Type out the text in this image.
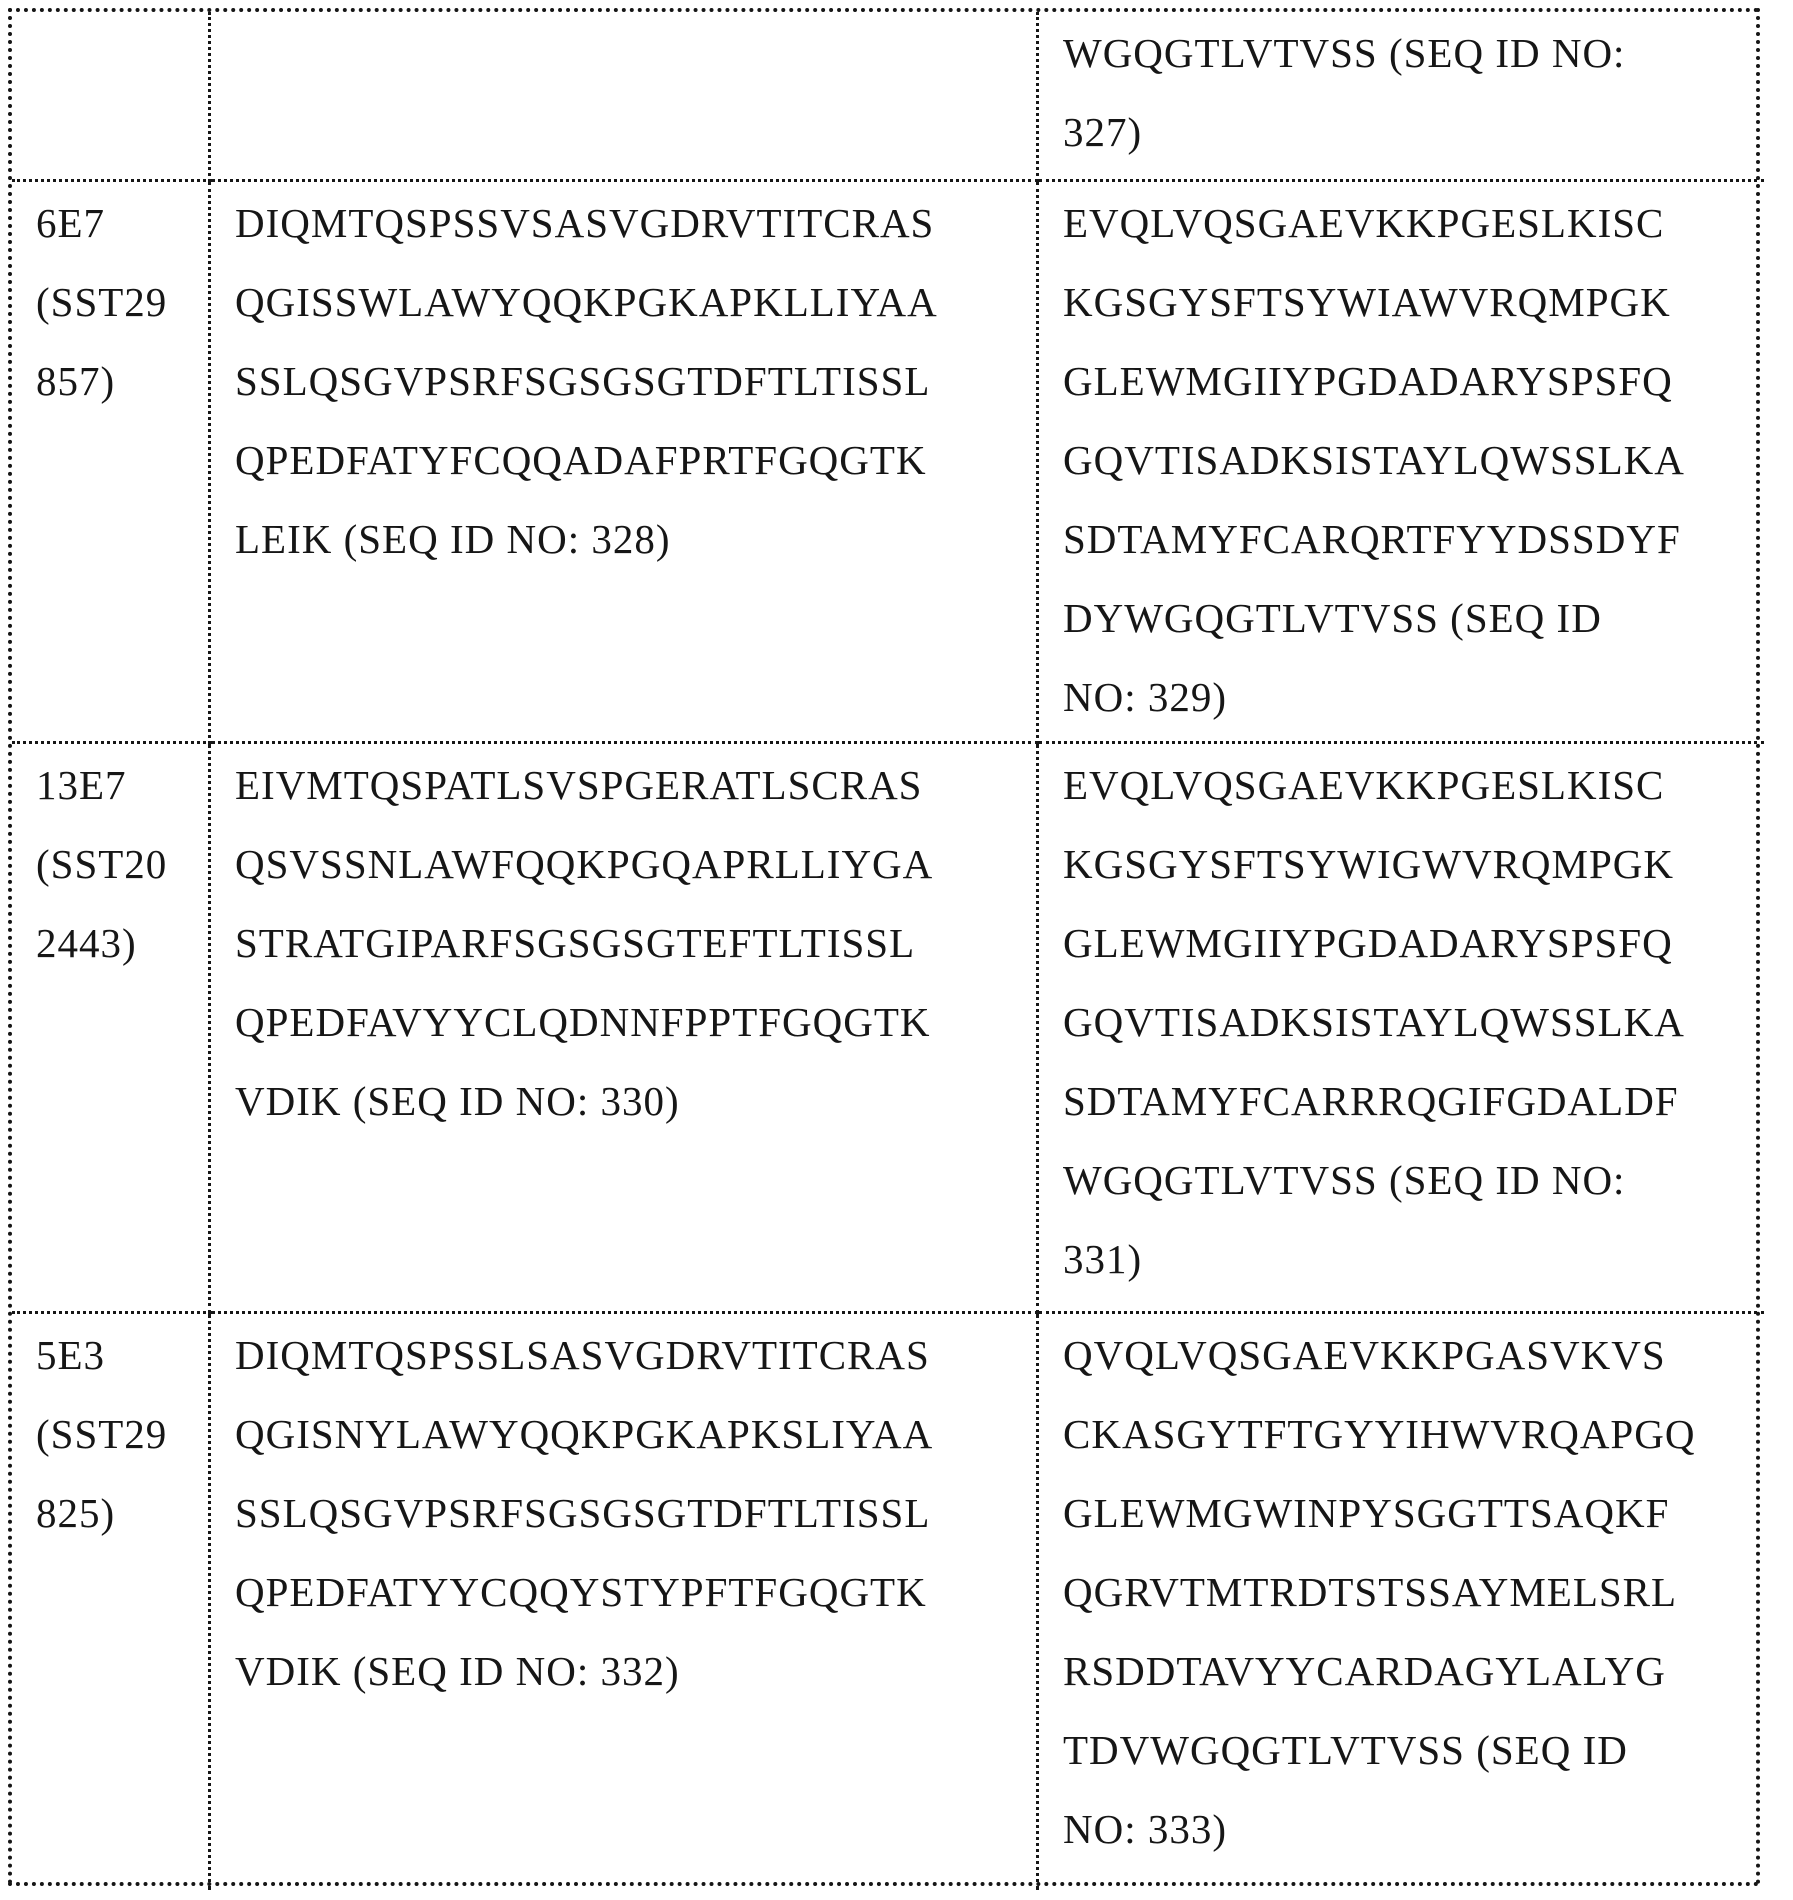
WGQGTLVTVSS (SEQ ID NO:
327)
6E7
(SST29
857)
DIQMTQSPSSVSASVGDRVTITCRAS
QGISSWLAWYQQKPGKAPKLLIYAA
SSLQSGVPSRFSGSGSGTDFTLTISSL
QPEDFATYFCQQADAFPRTFGQGTK
LEIK (SEQ ID NO: 328)
EVQLVQSGAEVKKPGESLKISC
KGSGYSFTSYWIAWVRQMPGK
GLEWMGIIYPGDADARYSPSFQ
GQVTISADKSISTAYLQWSSLKA
SDTAMYFCARQRTFYYDSSDYF
DYWGQGTLVTVSS (SEQ ID
NO: 329)
13E7
(SST20
2443)
EIVMTQSPATLSVSPGERATLSCRAS
QSVSSNLAWFQQKPGQAPRLLIYGA
STRATGIPARFSGSGSGTEFTLTISSL
QPEDFAVYYCLQDNNFPPTFGQGTK
VDIK (SEQ ID NO: 330)
EVQLVQSGAEVKKPGESLKISC
KGSGYSFTSYWIGWVRQMPGK
GLEWMGIIYPGDADARYSPSFQ
GQVTISADKSISTAYLQWSSLKA
SDTAMYFCARRRQGIFGDALDF
WGQGTLVTVSS (SEQ ID NO:
331)
5E3
(SST29
825)
DIQMTQSPSSLSASVGDRVTITCRAS
QGISNYLAWYQQKPGKAPKSLIYAA
SSLQSGVPSRFSGSGSGTDFTLTISSL
QPEDFATYYCQQYSTYPFTFGQGTK
VDIK (SEQ ID NO: 332)
QVQLVQSGAEVKKPGASVKVS
CKASGYTFTGYYIHWVRQAPGQ
GLEWMGWINPYSGGTTSAQKF
QGRVTMTRDTSTSSAYMELSRL
RSDDTAVYYCARDAGYLALYG
TDVWGQGTLVTVSS (SEQ ID
NO: 333)
